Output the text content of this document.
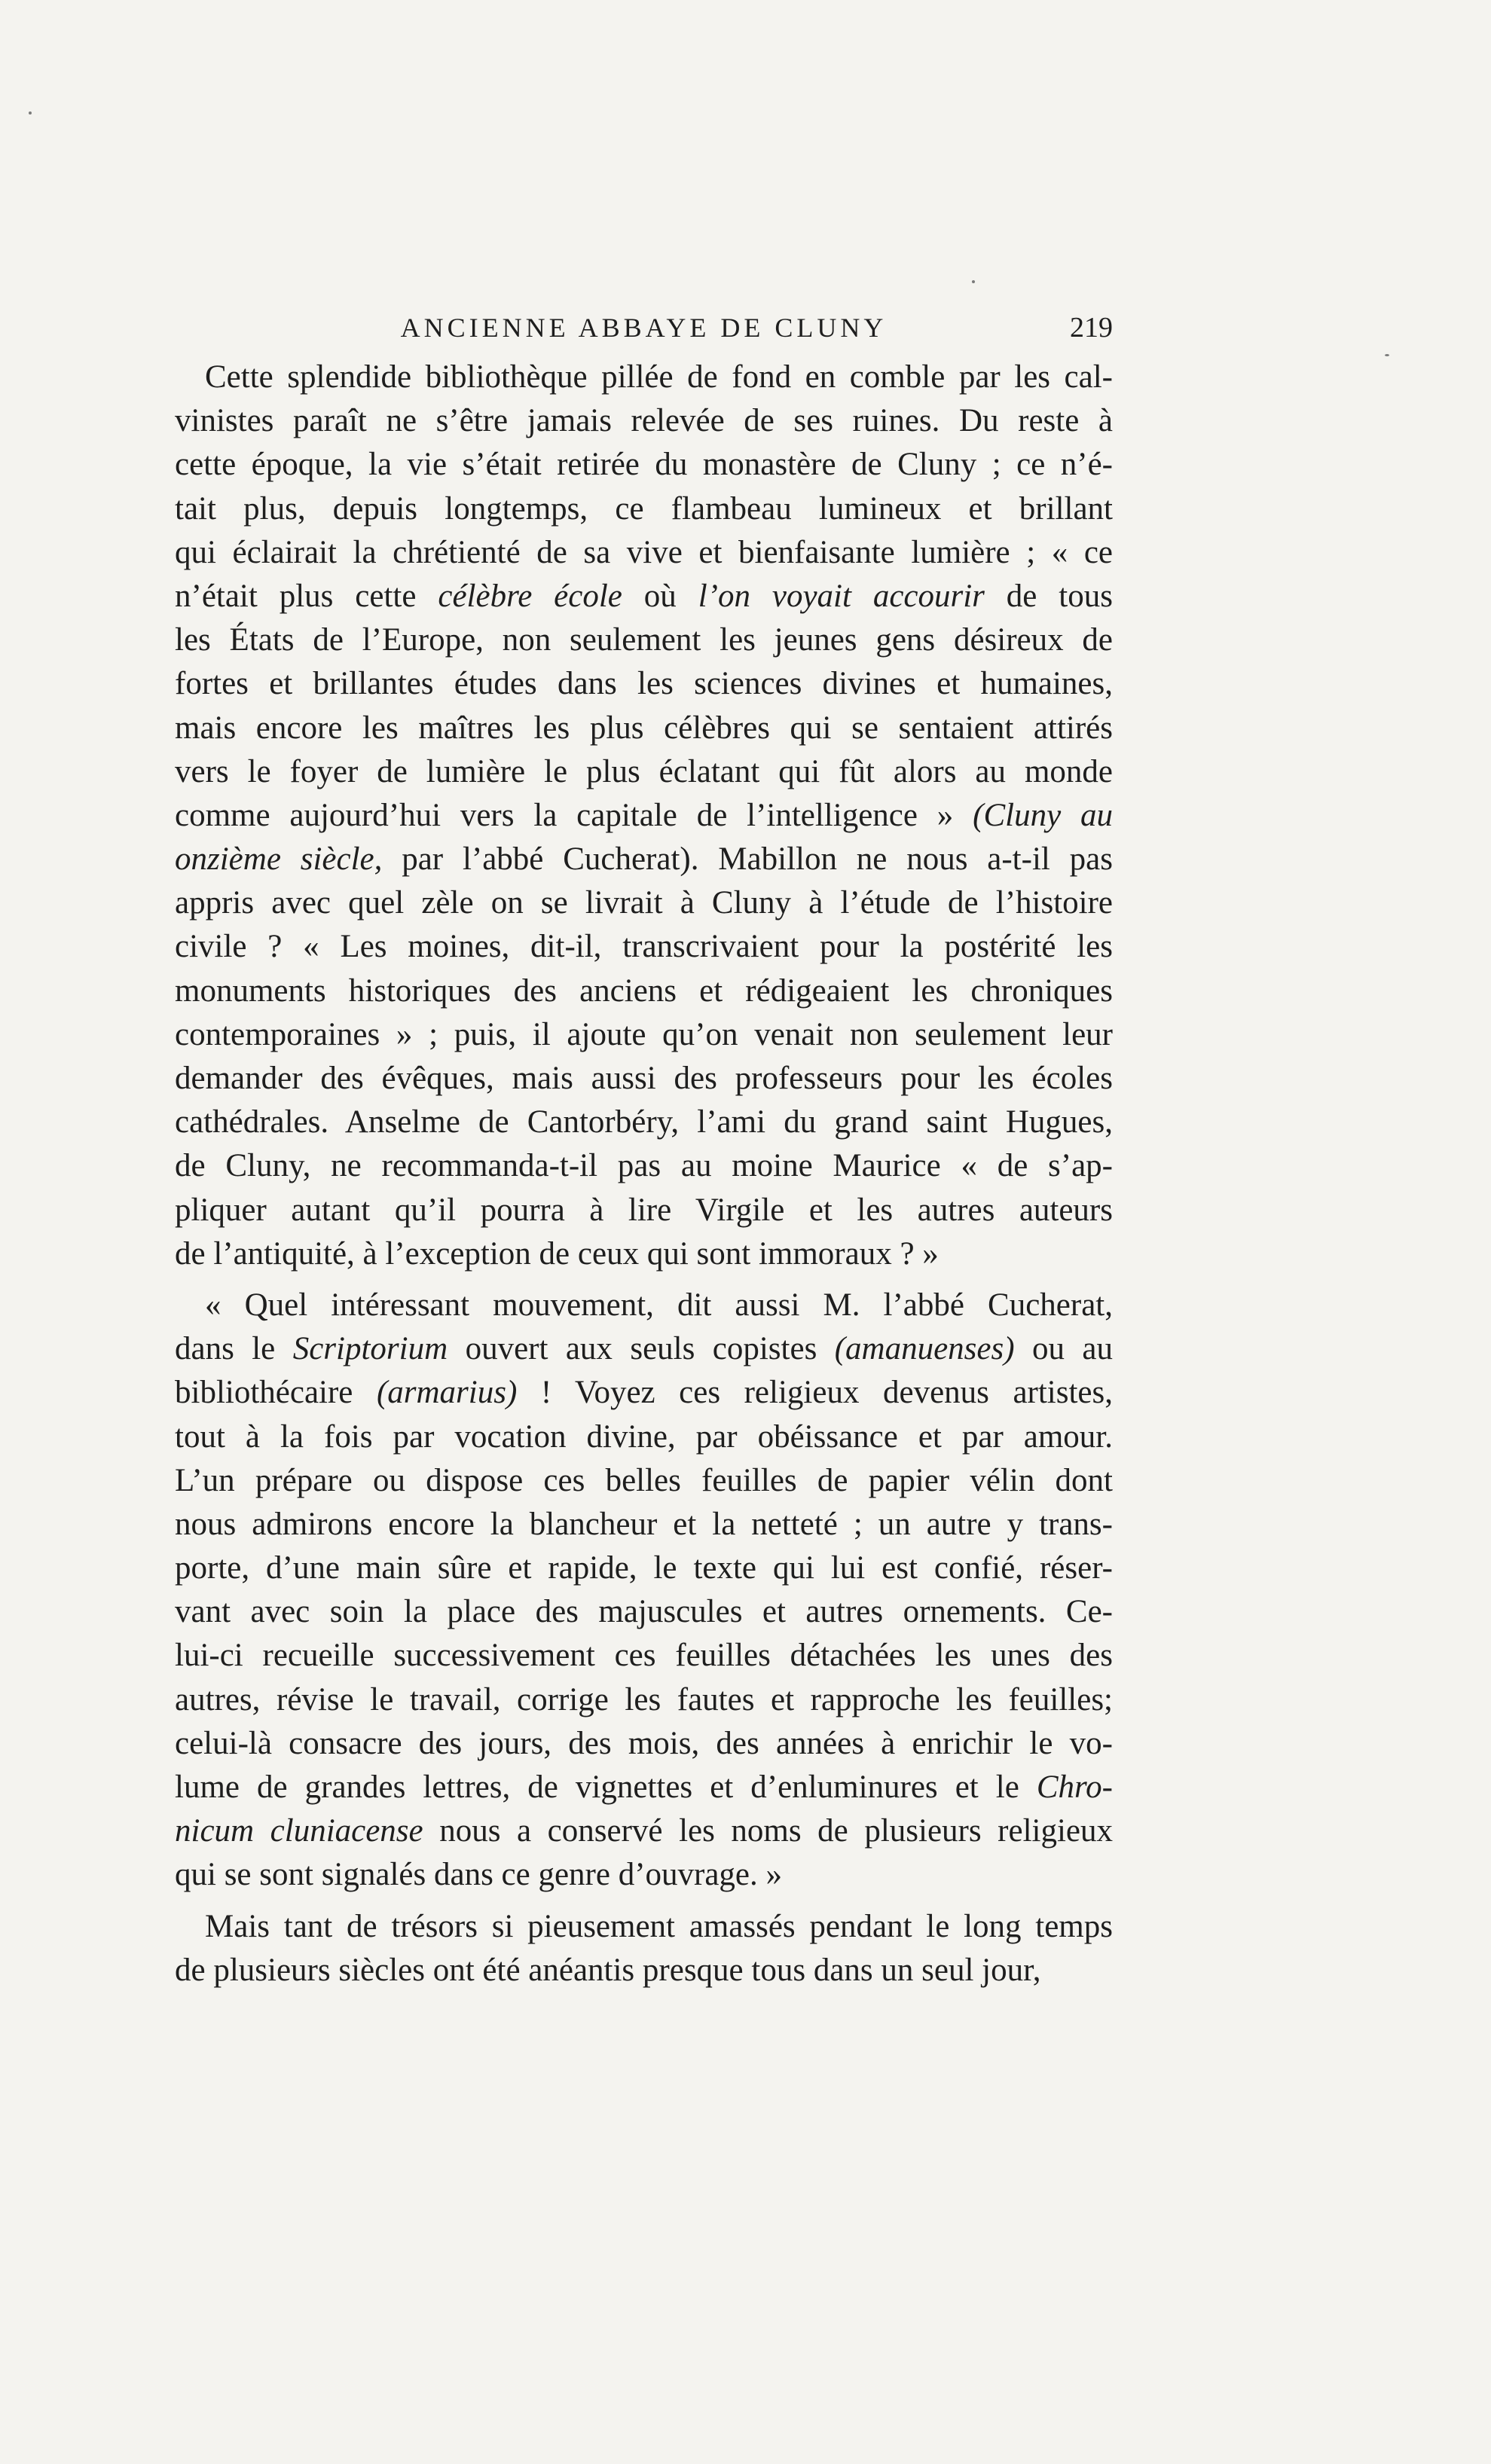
ANCIENNE ABBAYE DE CLUNY	219
Cette splendide bibliothèque pillée de fond en comble par les cal-
vinistes paraît ne s’être jamais relevée de ses ruines. Du reste à
cette époque, la vie s’était retirée du monastère de Cluny ; ce n’é-
tait plus, depuis longtemps, ce flambeau lumineux et brillant
qui éclairait la chrétienté de sa vive et bienfaisante lumière ; « ce
n’était plus cette célèbre école où l’on voyait accourir de tous
les États de l’Europe, non seulement les jeunes gens désireux de
fortes et brillantes études dans les sciences divines et humaines,
mais encore les maîtres les plus célèbres qui se sentaient attirés
vers le foyer de lumière le plus éclatant qui fût alors au monde
comme aujourd’hui vers la capitale de l’intelligence » (Cluny au
onzième siècle, par l’abbé Cucherat). Mabillon ne nous a-t-il pas
appris avec quel zèle on se livrait à Cluny à l’étude de l’histoire
civile ? « Les moines, dit-il, transcrivaient pour la postérité les
monuments historiques des anciens et rédigeaient les chroniques
contemporaines » ; puis, il ajoute qu’on venait non seulement leur
demander des évêques, mais aussi des professeurs pour les écoles
cathédrales. Anselme de Cantorbéry, l’ami du grand saint Hugues,
de Cluny, ne recommanda-t-il pas au moine Maurice « de s’ap-
pliquer autant qu’il pourra à lire Virgile et les autres auteurs
de l’antiquité, à l’exception de ceux qui sont immoraux ? »
« Quel intéressant mouvement, dit aussi M. l’abbé Cucherat,
dans le Scriptorium ouvert aux seuls copistes (amanuenses) ou au
bibliothécaire (armarius) ! Voyez ces religieux devenus artistes,
tout à la fois par vocation divine, par obéissance et par amour.
L’un prépare ou dispose ces belles feuilles de papier vélin dont
nous admirons encore la blancheur et la netteté ; un autre y trans-
porte, d’une main sûre et rapide, le texte qui lui est confié, réser-
vant avec soin la place des majuscules et autres ornements. Ce-
lui-ci recueille successivement ces feuilles détachées les unes des
autres, révise le travail, corrige les fautes et rapproche les feuilles;
celui-là consacre des jours, des mois, des années à enrichir le vo-
lume de grandes lettres, de vignettes et d’enluminures et le Chro-
nicum cluniacense nous a conservé les noms de plusieurs religieux
qui se sont signalés dans ce genre d’ouvrage. »
Mais tant de trésors si pieusement amassés pendant le long temps
de plusieurs siècles ont été anéantis presque tous dans un seul jour,
